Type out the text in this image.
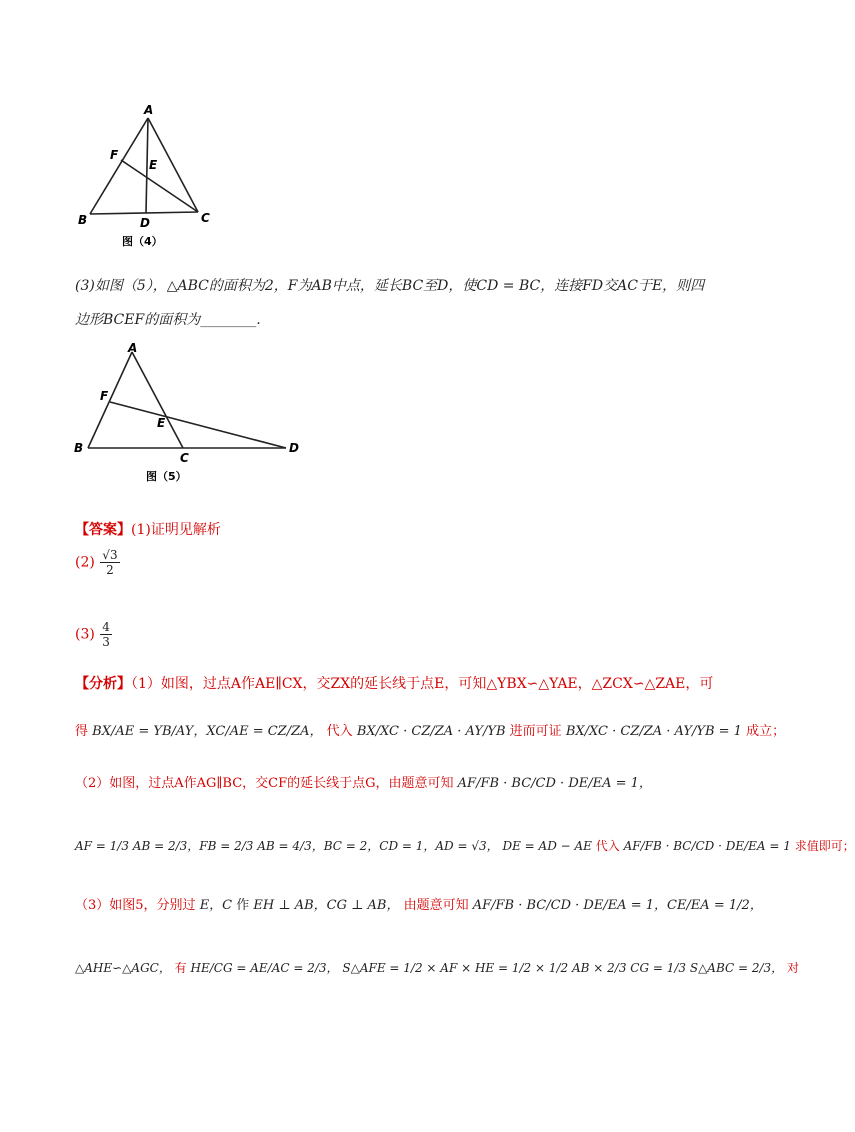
A
F
E
B	D	C
图（4）
(3)如图（5），△ABC的面积为2，F为AB中点，延长BC至D，使CD = BC，连接FD交AC于E，则四
边形BCEF的面积为________.
A
F
E
B
C
D
图（5）
【答案】(1)证明见解析
$(2) \frac{√3}{2}$
$(3) \frac{4}{3}$
【分析】（1）如图，过点A作AE∥CX，交ZX的延长线于点E，可知△YBX∽△YAE，△ZCX∽△ZAE，可
得 BX/AE = YB/AY，XC/AE = CZ/ZA， 代入 BX/XC · CZ/ZA · AY/YB 进而可证 BX/XC · CZ/ZA · AY/YB = 1 成立；
（2）如图，过点A作AG∥BC，交CF的延长线于点G，由题意可知 AF/FB · BC/CD · DE/EA = 1，
AF = 1/3 AB = 2/3，FB = 2/3 AB = 4/3，BC = 2，CD = 1，AD = √3， DE = AD − AE 代入 AF/FB · BC/CD · DE/EA = 1 求值即可；
（3）如图5，分别过 E，C 作 EH ⊥ AB，CG ⊥ AB， 由题意可知 AF/FB · BC/CD · DE/EA = 1，CE/EA = 1/2，
△AHE∽△AGC， 有 HE/CG = AE/AC = 2/3， S△AFE = 1/2 × AF × HE = 1/2 × 1/2 AB × 2/3 CG = 1/3 S△ABC = 2/3， 对
